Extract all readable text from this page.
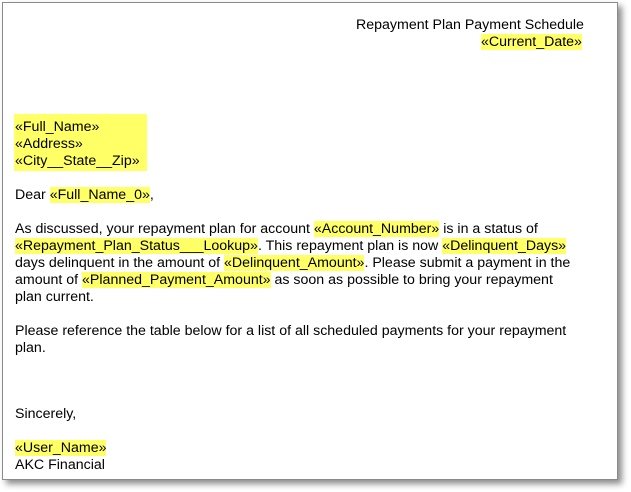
Repayment Plan Payment Schedule
«Current_Date»
«Full_Name»
«Address»
«City__State__Zip»
Dear «Full_Name_0»,
As discussed, your repayment plan for account «Account_Number» is in a status of
«Repayment_Plan_Status___Lookup». This repayment plan is now «Delinquent_Days»
days delinquent in the amount of «Delinquent_Amount». Please submit a payment in the
amount of «Planned_Payment_Amount» as soon as possible to bring your repayment
plan current.
Please reference the table below for a list of all scheduled payments for your repayment
plan.
Sincerely,
«User_Name»
AKC Financial
